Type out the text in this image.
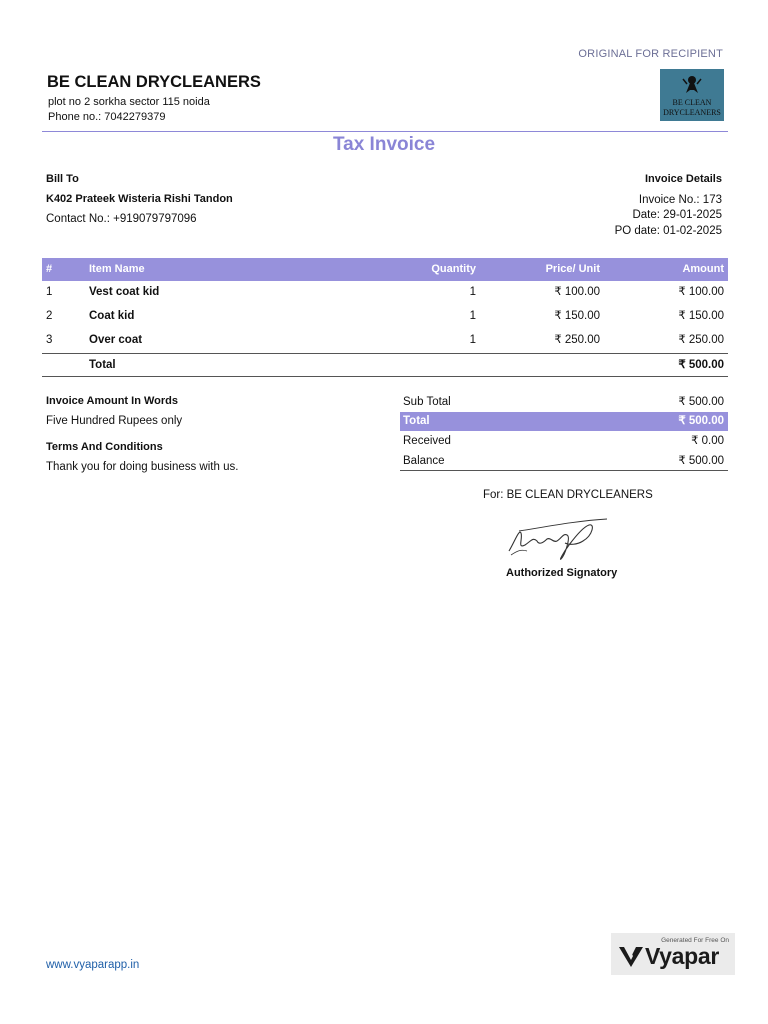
ORIGINAL FOR RECIPIENT
BE CLEAN DRYCLEANERS
plot no 2 sorkha sector 115 noida
Phone no.: 7042279379
BE CLEAN
DRYCLEANERS
Tax Invoice
Bill To
K402 Prateek Wisteria Rishi Tandon
Contact No.: +919079797096
Invoice Details
Invoice No.: 173
Date: 29-01-2025
PO date: 01-02-2025
#	Item Name	Quantity	Price/ Unit	Amount
1	Vest coat kid	1	₹ 100.00	₹ 100.00
2	Coat kid	1	₹ 150.00	₹ 150.00
3	Over coat	1	₹ 250.00	₹ 250.00
Total	₹ 500.00
Invoice Amount In Words
Five Hundred Rupees only
Terms And Conditions
Thank you for doing business with us.
Sub Total	₹ 500.00
Total	₹ 500.00
Received	₹ 0.00
Balance	₹ 500.00
For: BE CLEAN DRYCLEANERS
Authorized Signatory
www.vyaparapp.in
Generated For Free On
Vyapar
